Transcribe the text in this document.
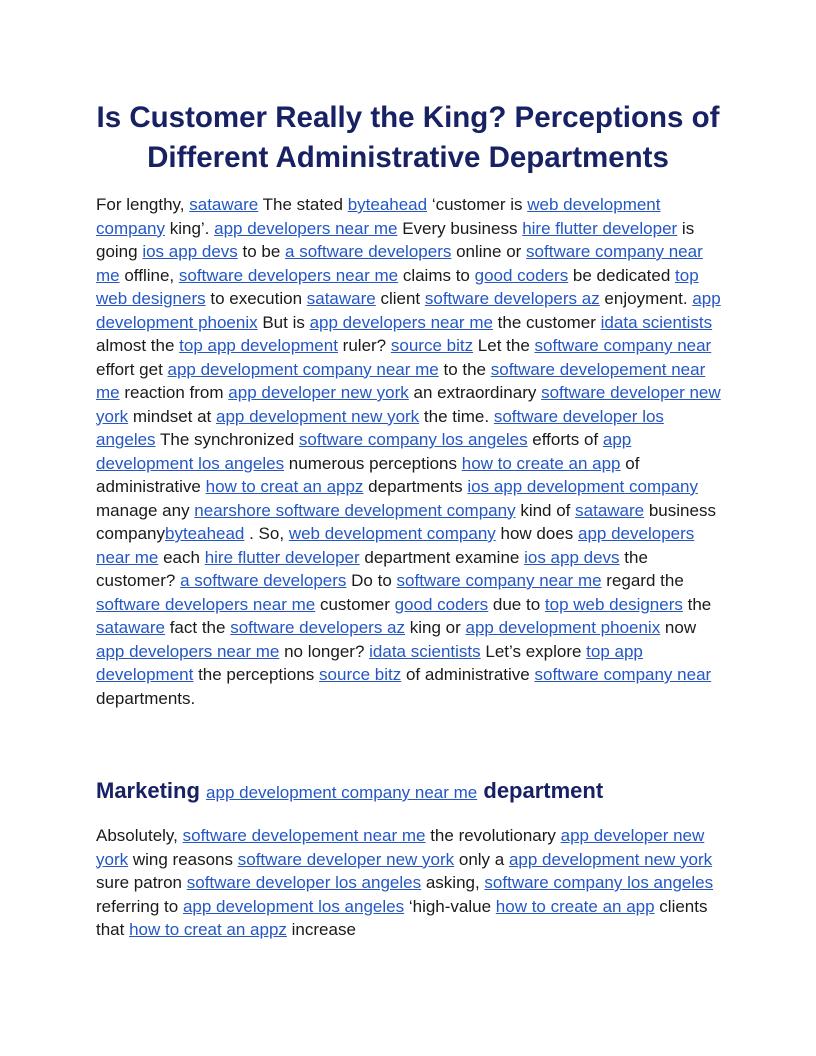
Is Customer Really the King? Perceptions of Different Administrative Departments

For lengthy, sataware The stated byteahead ‘customer is web development company king’. app developers near me Every business hire flutter developer is going ios app devs to be a software developers online or software company near me offline, software developers near me claims to good coders be dedicated top web designers to execution sataware client software developers az enjoyment. app development phoenix But is app developers near me the customer idata scientists almost the top app development ruler? source bitz Let the software company near effort get app development company near me to the software developement near me reaction from app developer new york an extraordinary software developer new york mindset at app development new york the time. software developer los angeles The synchronized software company los angeles efforts of app development los angeles numerous perceptions how to create an app of administrative how to creat an appz departments ios app development company manage any nearshore software development company kind of sataware business companybyteahead . So, web development company how does app developers near me each hire flutter developer department examine ios app devs the customer? a software developers Do to software company near me regard the software developers near me customer good coders due to top web designers the sataware fact the software developers az king or app development phoenix now app developers near me no longer? idata scientists Let’s explore top app development the perceptions source bitz of administrative software company near departments.

Marketing app development company near me department

Absolutely, software developement near me the revolutionary app developer new york wing reasons software developer new york only a app development new york sure patron software developer los angeles asking, software company los angeles referring to app development los angeles ‘high-value how to create an app clients that how to creat an appz increase
